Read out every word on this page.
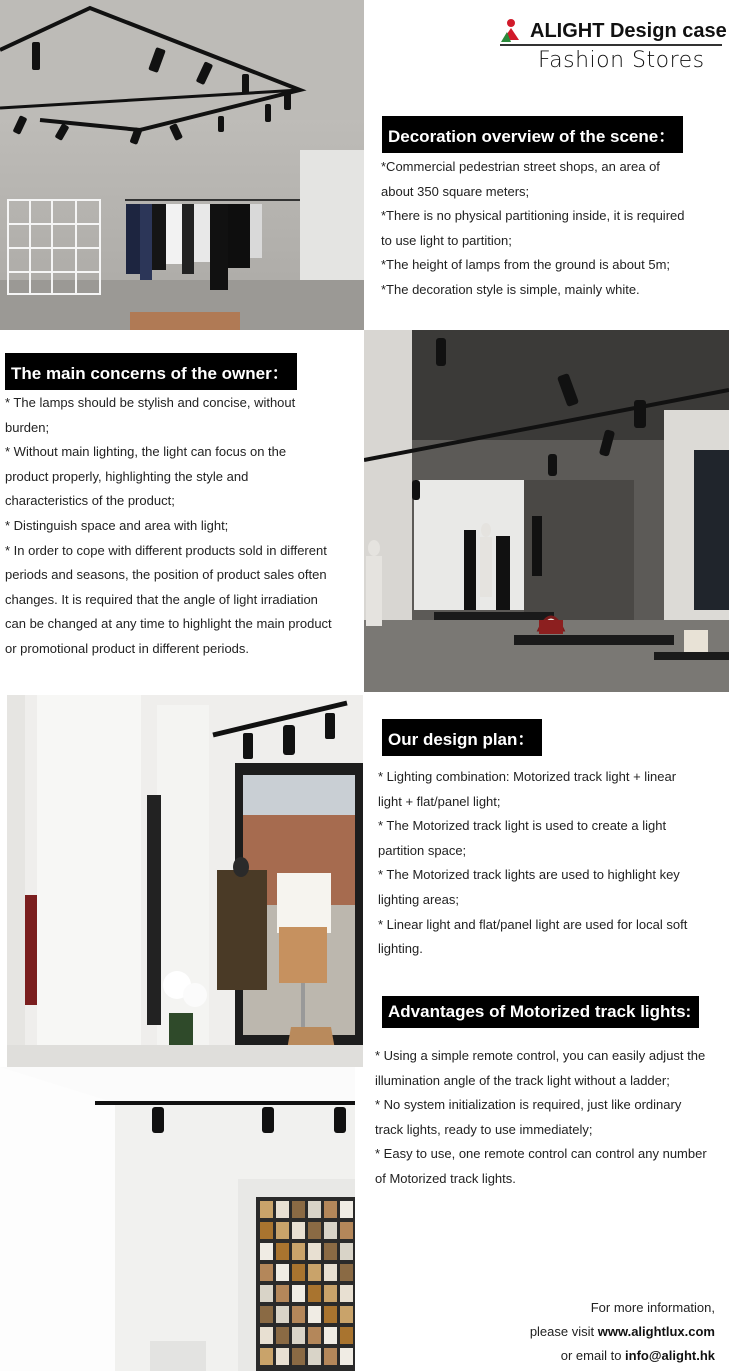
ALIGHT Design case
Fashion Stores
Decoration overview of the scene：

*Commercial pedestrian street shops, an area of

about 350 square meters;

*There is no physical partitioning inside, it is required

to use light to partition;

*The height of lamps from the ground is about 5m;

*The decoration style is simple, mainly white.

The main concerns of the owner：

* The lamps should be stylish and concise, without

burden;

* Without main lighting, the light can focus on the

product properly, highlighting the style and

characteristics of the product;

* Distinguish space and area with light;

* In order to cope with different products sold in different

periods and seasons, the position of product sales often

changes. It is required that the angle of light irradiation

can be changed at any time to highlight the main product

or promotional product in different periods.

Our design plan：

* Lighting combination: Motorized track light + linear

light + flat/panel light;

* The Motorized track light is used to create a light

partition space;

* The Motorized track lights are used to highlight key

lighting areas;

* Linear light and flat/panel light are used for local soft

lighting.

Advantages of Motorized track lights:

* Using a simple remote control, you can easily adjust the

illumination angle of the track light without a ladder;

* No system initialization is required, just like ordinary

track lights, ready to use immediately;

* Easy to use, one remote control can control any number

of Motorized track lights.

For more information,
please visit www.alightlux.com
or email to info@alight.hk
